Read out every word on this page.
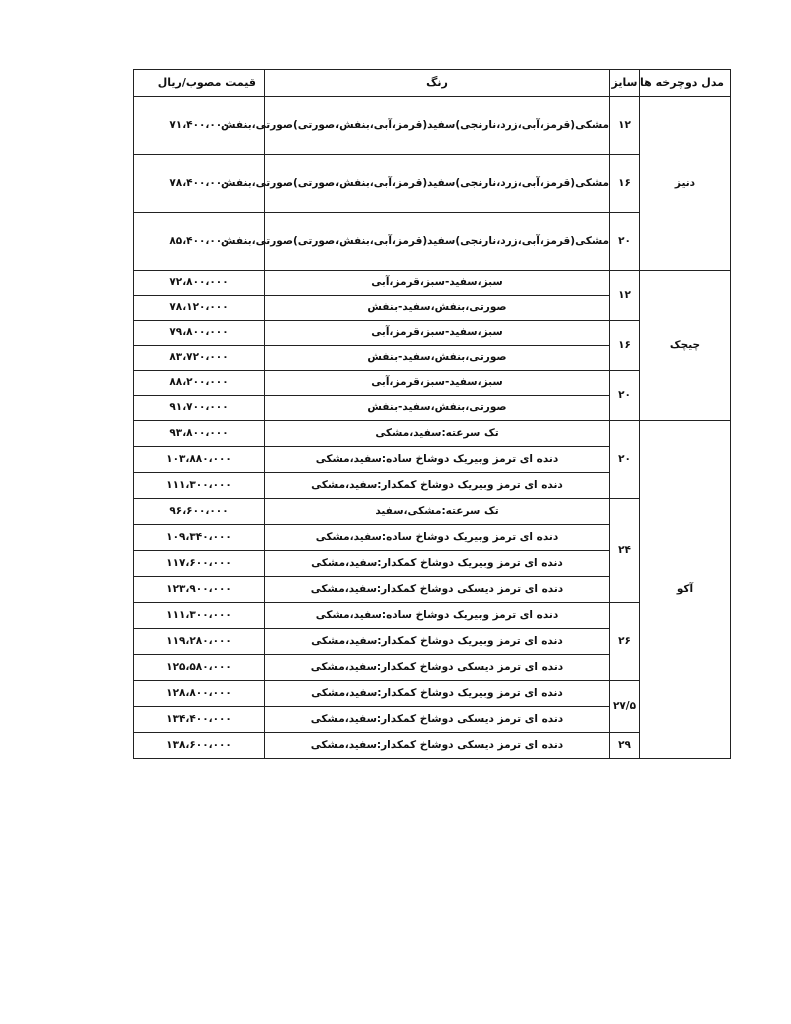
مدل دوچرخه ها	سایز	رنگ	قیمت مصوب/ریال
دنیز	۱۲	مشکی(قرمز،آبی،زرد،نارنجی)سفید(قرمز،آبی،بنفش،صورتی)صورتی،بنفش	۷۱،۴۰۰،۰۰۰
	۱۶	مشکی(قرمز،آبی،زرد،نارنجی)سفید(قرمز،آبی،بنفش،صورتی)صورتی،بنفش	۷۸،۴۰۰،۰۰۰
	۲۰	مشکی(قرمز،آبی،زرد،نارنجی)سفید(قرمز،آبی،بنفش،صورتی)صورتی،بنفش	۸۵،۴۰۰،۰۰۰
چیچک	۱۲	سبز،سفید-سبز،قرمز،آبی	۷۲،۸۰۰،۰۰۰
		صورتی،بنفش،سفید-بنفش	۷۸،۱۲۰،۰۰۰
	۱۶	سبز،سفید-سبز،قرمز،آبی	۷۹،۸۰۰،۰۰۰
		صورتی،بنفش،سفید-بنفش	۸۳،۷۲۰،۰۰۰
	۲۰	سبز،سفید-سبز،قرمز،آبی	۸۸،۲۰۰،۰۰۰
		صورتی،بنفش،سفید-بنفش	۹۱،۷۰۰،۰۰۰
آکو	۲۰	تک سرعته:سفید،مشکی	۹۳،۸۰۰،۰۰۰
		دنده ای ترمز وبیریک دوشاخ ساده:سفید،مشکی	۱۰۳،۸۸۰،۰۰۰
		دنده ای ترمز وبیریک دوشاخ کمکدار:سفید،مشکی	۱۱۱،۳۰۰،۰۰۰
	۲۴	تک سرعته:مشکی،سفید	۹۶،۶۰۰،۰۰۰
		دنده ای ترمز وبیریک دوشاخ ساده:سفید،مشکی	۱۰۹،۳۴۰،۰۰۰
		دنده ای ترمز وبیریک دوشاخ کمکدار:سفید،مشکی	۱۱۷،۶۰۰،۰۰۰
		دنده ای ترمز دیسکی دوشاخ کمکدار:سفید،مشکی	۱۲۳،۹۰۰،۰۰۰
	۲۶	دنده ای ترمز وبیریک دوشاخ ساده:سفید،مشکی	۱۱۱،۳۰۰،۰۰۰
		دنده ای ترمز وبیریک دوشاخ کمکدار:سفید،مشکی	۱۱۹،۲۸۰،۰۰۰
		دنده ای ترمز دیسکی دوشاخ کمکدار:سفید،مشکی	۱۲۵،۵۸۰،۰۰۰
	۲۷/۵	دنده ای ترمز وبیریک دوشاخ کمکدار:سفید،مشکی	۱۲۸،۸۰۰،۰۰۰
		دنده ای ترمز دیسکی دوشاخ کمکدار:سفید،مشکی	۱۳۴،۴۰۰،۰۰۰
	۲۹	دنده ای ترمز دیسکی دوشاخ کمکدار:سفید،مشکی	۱۳۸،۶۰۰،۰۰۰
